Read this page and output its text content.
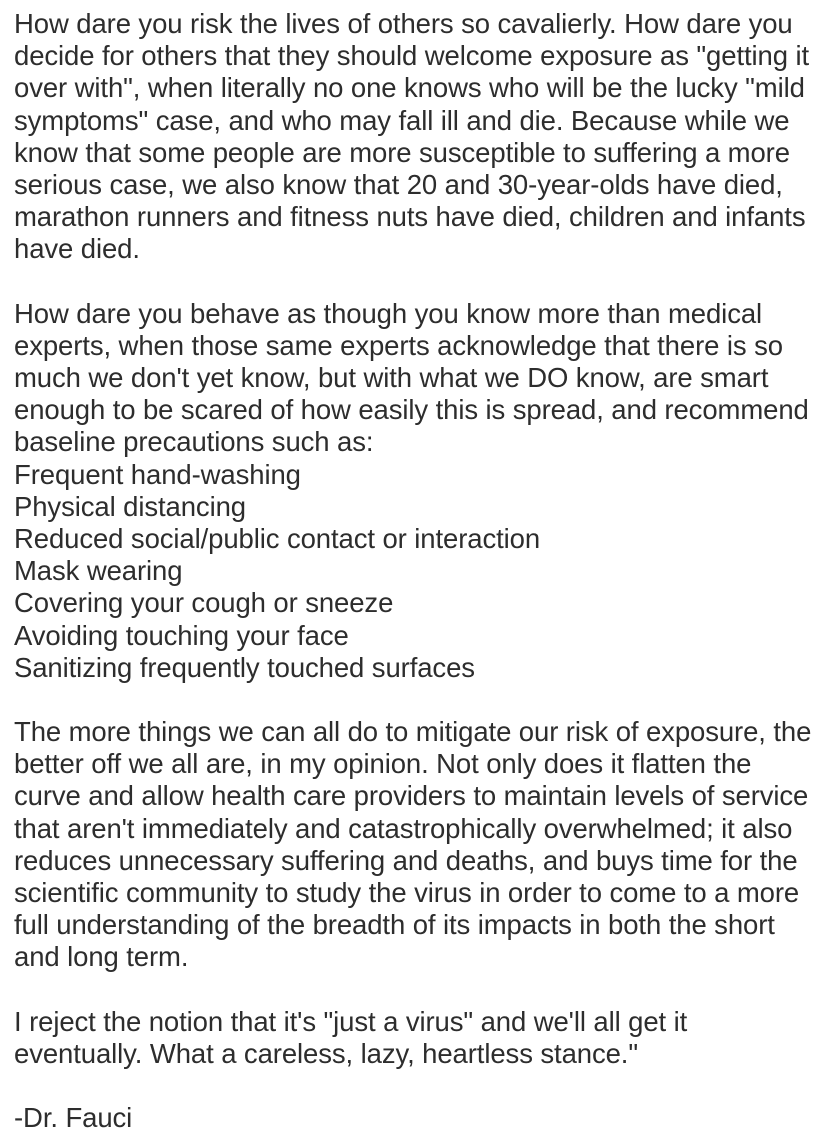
How dare you risk the lives of others so cavalierly. How dare you decide for others that they should welcome exposure as "getting it over with", when literally no one knows who will be the lucky "mild symptoms" case, and who may fall ill and die. Because while we know that some people are more susceptible to suffering a more serious case, we also know that 20 and 30-year-olds have died, marathon runners and fitness nuts have died, children and infants have died.

How dare you behave as though you know more than medical experts, when those same experts acknowledge that there is so much we don't yet know, but with what we DO know, are smart enough to be scared of how easily this is spread, and recommend baseline precautions such as:

Frequent hand-washing
Physical distancing
Reduced social/public contact or interaction
Mask wearing
Covering your cough or sneeze
Avoiding touching your face
Sanitizing frequently touched surfaces

The more things we can all do to mitigate our risk of exposure, the better off we all are, in my opinion. Not only does it flatten the curve and allow health care providers to maintain levels of service that aren't immediately and catastrophically overwhelmed; it also reduces unnecessary suffering and deaths, and buys time for the scientific community to study the virus in order to come to a more full understanding of the breadth of its impacts in both the short and long term.

I reject the notion that it's "just a virus" and we'll all get it eventually. What a careless, lazy, heartless stance."

-Dr. Fauci
